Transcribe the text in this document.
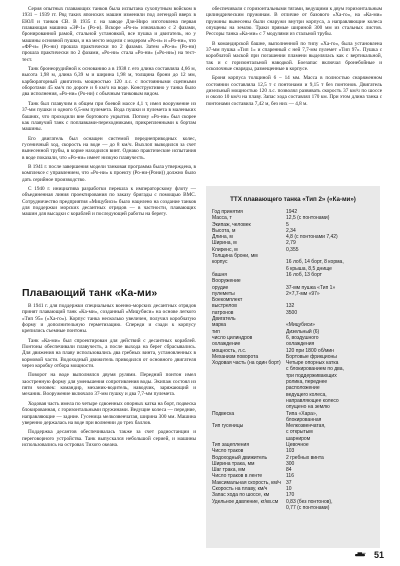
Серия опытных плавающих танков была испытана сухопутным войском в 1931 – 1939 гг. Ряд таких японских машин изменили под легендой вверх в ЕЮЛ и танков СВ. В 1935 г. на заводе Дзи-Ниро изготовлена первая плавающая машина «ЭР-1» (Ро-и). Вскоре «Ро-и» изначально с 2 фазами, бронированной рамой, стальной установкой, все пушка и двигатель, но у машины основной пушки, и на место модели с модером «Ро-и» и «Ро-ни», что «ФР-и» (Ро-ни) прошла практически по 2 фазами. Затем «Ро-и» (Ро-ни) прошла практически по 2 фазами, «Ро-ни» стала «Ро-ни» («Ро-ни») на тест-тест.

Танк бронеорудийной к основанию а в 1938 г. его длина составляла 4,66 м, высота 1,98 м, длина 6,39 м и ширина 1,98 м, толщина брони до 12 мм, карбюраторный двигатель мощностью 120 л.с. с постоянными сцепными оборотами 45 км/ч по дороге и 6 км/ч на воде. Конструктивно у танка было два исполнения, «Ро-ни» (Ро-ни) с обычным танковым видом.

Танк был плавучим в общем при боевой массе 4,1 т, имел вооружение из 37-мм пушки и одного 6,5-мм пулемета. Вода пушки и пулемета в маленьких башнях, что проходили вне бортового укрытия. Потому «Ро-ни» был скорее как плавучий танк с поплавками-переходниками, прикрепленными к бортам машины.

Его двигатель был оснащен системой переднеприводных колес, гусеничный ход, скорость на воде — до 8 км/ч. Выхлоп выводился за счет вынесенной трубы, в корме находился винт. Однако практические испытания в воде показали, что «Ро-ни» имеет низкую плавучесть.

В 1941 г. после завершения модели танковая программа была утверждена, в комплексе с управлением, что «Ро-ни» к проекту (Ро-ни-(Рони)) должно было дать серийное производство.

С 1940 г. инициатива разработки перешла к императорскому флоту — объединенная линия проектирования по заказу бригады с помощью ВМС. Сотрудничество предприятия «Мицубиси» было нацелено на создание танков для поддержки морских десантных отрядов — в частности, плавающих машин для высадки с кораблей и последующей работы на берегу.

Плавающий танк «Ка-ми»

В 1941 г. для поддержки специальных военно-морских десантных отрядов принят плавающий танк «Ка-ми», созданный «Мицубиси» на основе легкого «Тип 95» («Ха-го»). Корпус танка несколько увеличен, получил коробчатую форму и дополнительную герметизацию. Спереди и сзади к корпусу крепились съемные понтоны.

Танк «Ка-ми» был спроектирован для действий с десантных кораблей. Понтоны обеспечивали плавучесть, а после выхода на берег сбрасывались. Для движения на плаву использовались два гребных винта, установленных в кормовой части. Водоходный движитель приводился от основного двигателя через коробку отбора мощности.

Поворот на воде выполнялся двумя рулями. Передний понтон имел заостренную форму для уменьшения сопротивления воды. Экипаж состоял из пяти человек: командир, механик-водитель, наводчик, заряжающий и механик. Вооружение включало 37-мм пушку и два 7,7-мм пулемета.

Ходовая часть имела по четыре сдвоенных опорных катка на борт, подвеска блокированная, с горизонтальными пружинами. Ведущие колеса — передние, направляющие — задние. Гусеница мелкозвенчатая, ширина 300 мм. Машина уверенно держалась на воде при волнении до трех баллов.

Поддержка десантов обеспечивалась также за счет радиостанции и переговорного устройства. Танк выпускался небольшой серией, и машины использовались на островах Тихого океана.

обеспечивали с горизонтальными тягами, ведущими к двум горизонтальным цилиндрическим пружинам. В отличие от базового «Ха-го», на «Ка-ми» пружины вынесены были снаружи внутри корпуса, а направляющие колеса опущены на землю. Траки прямые шириной 300 мм из стальных листов. Рессоры танка «Ка-ми» с 7 модулями из стальной трубы.

В командирской башне, выполненной по типу «Ха-го», была установлена 37-мм пушка «Тип 1» и спаренный с ней 7,7-мм пулемет «Тип 97». Пушка с коробчатой маской при погашении пламени выделялась как с вертикальной, так и с горизонтальной наводкой. Боезапас включал бронебойные и осколочные снаряды, размещенные в корпусе.

Броня корпуса толщиной 6 – 14 мм. Масса в полностью снаряженном состоянии составляла 12,5 т с понтонами и 9,15 т без понтонов. Двигатель дизельный мощностью 120 л.с. позволял развивать скорость 37 км/ч по шоссе и около 10 км/ч на плаву. Запас хода составлял 170 км. При этом длина танка с понтонами составила 7,42 м, без них — 4,8 м.

ТТХ плавающего танка «Тип 2» («Ка-ми»)
Год принятия	1942
Масса, т	12,5 (с понтонами)
Экипаж, человек	5
Высота, м	2,34
Длина, м	4,8 (с понтонами 7,42)
Ширина, м	2,79
Клиренс, м	0,355
Толщина брони, мм
корпус	16 лоб, 14 борт, 8 корма,
6 крыша, 8,5 днище
башня	16 лоб, 13 борт
Вооружение
орудие	37-мм пушка «Тип 1»
пулеметы	2×7,7-мм «97»
Боекомплект
выстрелов	132
патронов	3500
Двигатель
марка	«Мицубиси»
тип	Дизельный (6)
число цилиндров	6, воздушного
охлаждение	охлаждения
мощность, л.с.	120 при 1800 об/мин
Механизм поворота	Бортовые фрикционы
Ходовая часть (на один борт)	Четыре опорных катка
с блокированием по два,
три поддерживающих
ролика, переднее
расположение
ведущего колеса,
направляющее колесо
опущено на землю
Подвеска	Типа «Хара»,
блокированная
Тип гусеницы	Мелкозвенчатая,
с открытым
шарниром
Тип зацепления	Цевочное
Число траков	103
Водоходный движитель	2 гребных винта
Ширина трака, мм	300
Шаг трака, мм	84
Число траков в ленте	116
Максимальная скорость, км/ч	37
Скорость на плаву, км/ч	10
Запас хода по шоссе, км	170
Удельное давление, кг/кв.см	0,83 (без понтонов),
0,77 (с понтонами)
51
